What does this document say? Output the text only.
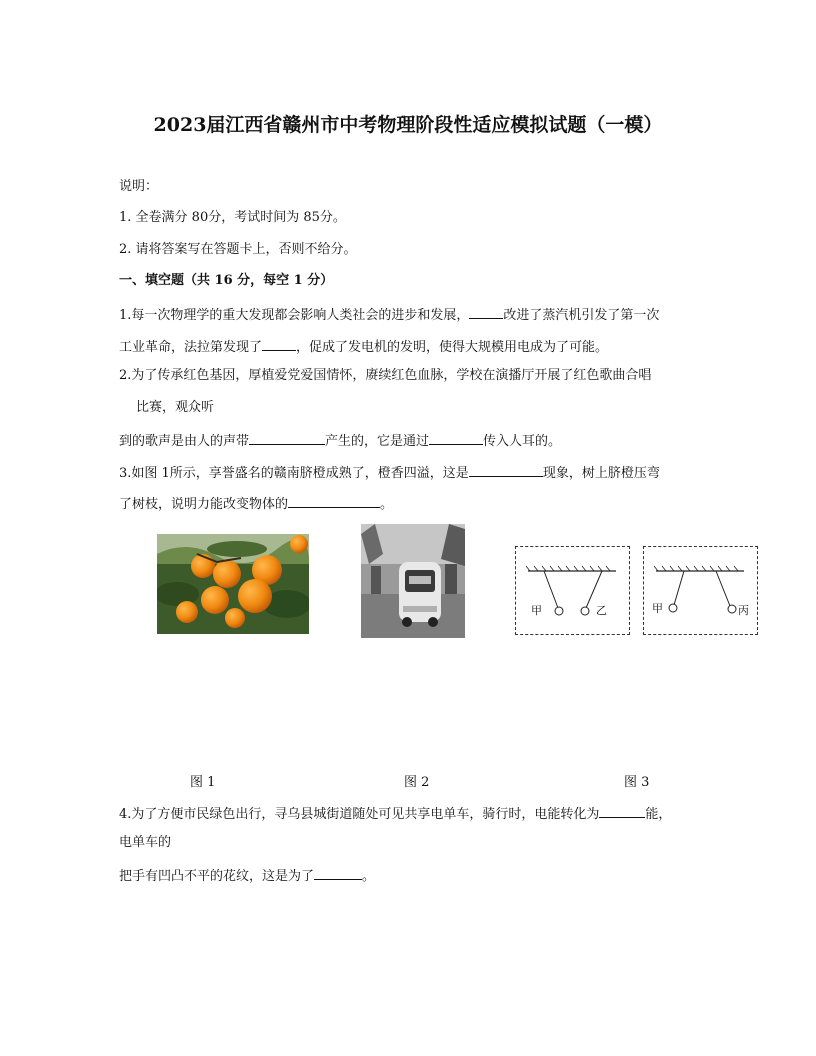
2023届江西省赣州市中考物理阶段性适应模拟试题（一模）
说明：
1. 全卷满分 80分，考试时间为 85分。
2. 请将答案写在答题卡上，否则不给分。
一、填空题（共 16 分，每空 1 分）
1.每一次物理学的重大发现都会影响人类社会的进步和发展，	改进了蒸汽机引发了第一次
工业革命，法拉第发现了	，促成了发电机的发明，使得大规模用电成为了可能。
2.为了传承红色基因，厚植爱党爱国情怀，赓续红色血脉，学校在演播厅开展了红色歌曲合唱
比赛，观众听
到的歌声是由人的声带	产生的，它是通过	传入人耳的。
3.如图 1所示，享誉盛名的赣南脐橙成熟了，橙香四溢，这是	现象，树上脐橙压弯
了树枝，说明力能改变物体的	。
甲	乙	甲	丙
图 1	图 2	图 3
4.为了方便市民绿色出行，寻乌县城街道随处可见共享电单车，骑行时，电能转化为	能，
电单车的
把手有凹凸不平的花纹，这是为了	。
